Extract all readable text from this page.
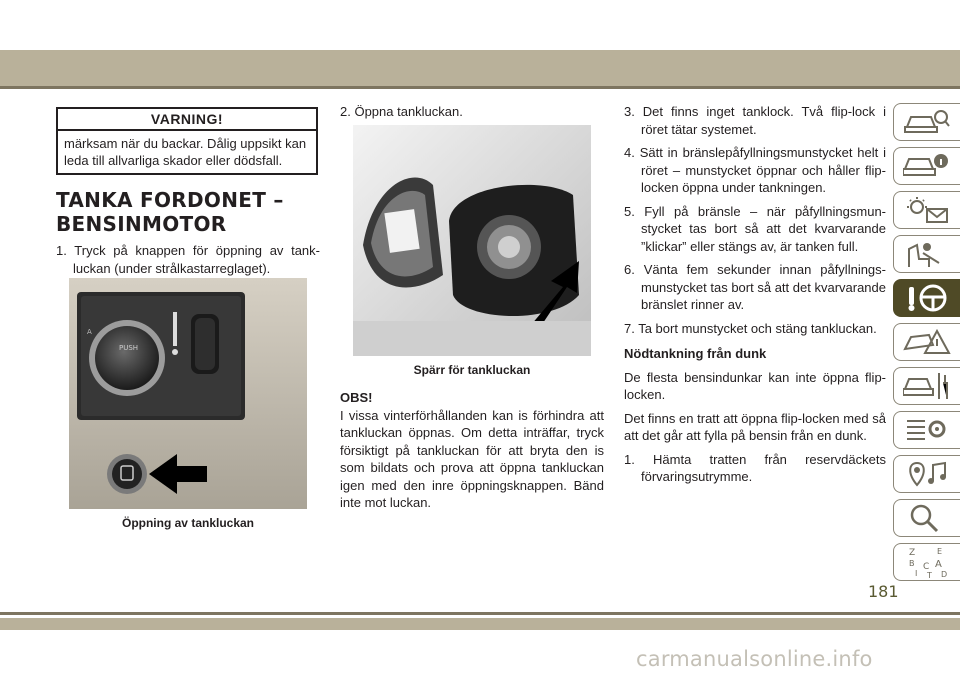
VARNING!
märksam när du backar. Dålig uppsikt kan leda till allvarliga skador eller dödsfall.
TANKA FORDONET –
BENSINMOTOR

1. Tryck på knappen för öppning av tank- luckan (under strålkastarreglaget).

PUSH
A
Öppning av tankluckan

2. Öppna tankluckan.

Spärr för tankluckan
OBS!
I vissa vinterförhållanden kan is förhindra att tankluckan öppnas. Om detta inträffar, tryck försiktigt på tankluckan för att bryta den is som bildats och prova att öppna tankluckan igen med den inre öppningsknappen. Bänd inte mot luckan.

3. Det finns inget tanklock. Två flip-lock i röret tätar systemet.

4. Sätt in bränslepåfyllningsmunstycket helt i röret – munstycket öppnar och håller flip-locken öppna under tankningen.

5. Fyll på bränsle – när påfyllningsmun- stycket tas bort så att det kvarvarande ”klickar” eller stängs av, är tanken full.

6. Vänta fem sekunder innan påfyllnings- munstycket tas bort så att det kvarvarande bränslet rinner av.

7. Ta bort munstycket och stäng tankluckan.

Nödtankning från dunk

De flesta bensindunkar kan inte öppna flip- locken.

Det finns en tratt att öppna flip-locken med så att det går att fylla på bensin från en dunk.

1. Hämta tratten från reservdäckets förvaringsutrymme.

Z	E
B A
I
C
T D
181
carmanualsonline.info
